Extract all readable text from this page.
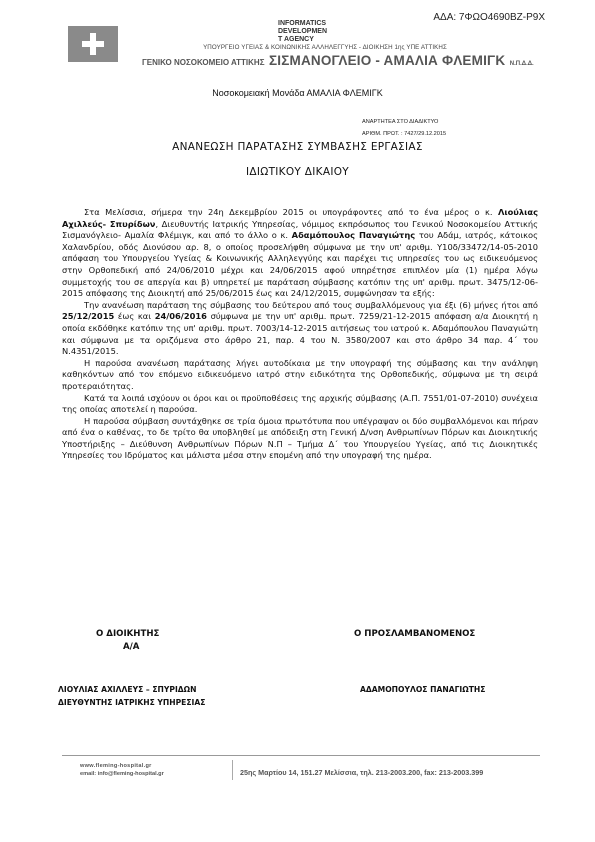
ΑΔΑ: 7ΦΩΟ4690ΒΖ-Ρ9Χ
INFORMATICS
DEVELOPMEN
T AGENCY
ΥΠΟΥΡΓΕΙΟ ΥΓΕΙΑΣ & ΚΟΙΝΩΝΙΚΗΣ ΑΛΛΗΛΕΓΓΥΗΣ - ΔΙΟΙΚΗΣΗ 1ης ΥΠΕ ΑΤΤΙΚΗΣ
ΓΕΝΙΚΟ ΝΟΣΟΚΟΜΕΙΟ ΑΤΤΙΚΗΣ ΣΙΣΜΑΝΟΓΛΕΙΟ - ΑΜΑΛΙΑ ΦΛΕΜΙΓΚ Ν.Π.Δ.Δ.
Νοσοκομειακή Μονάδα ΑΜΑΛΙΑ ΦΛΕΜΙΓΚ
ΑΝΑΡΤΗΤΕΑ ΣΤΟ ΔΙΑΔΙΚΤΥΟ
ΑΡΙΘΜ. ΠΡΩΤ. : 7427/29.12.2015
ΑΝΑΝΕΩΣΗ ΠΑΡΑΤΑΣΗΣ ΣΥΜΒΑΣΗΣ ΕΡΓΑΣΙΑΣ
ΙΔΙΩΤΙΚΟΥ ΔΙΚΑΙΟΥ

Στα Μελίσσια, σήμερα την 24η Δεκεμβρίου 2015 οι υπογράφοντες από το ένα μέρος ο κ. Λιούλιας Αχιλλεύς- Σπυρίδων, Διευθυντής Ιατρικής Υπηρεσίας, νόμιμος εκπρόσωπος του Γενικού Νοσοκομείου Αττικής Σισμανόγλειο- Αμαλία Φλέμιγκ, και από το άλλο ο κ. Αδαμόπουλος Παναγιώτης του Αδάμ, ιατρός, κάτοικος Χαλανδρίου, οδός Διονύσου αρ. 8, ο οποίος προσελήφθη σύμφωνα με την υπ' αριθμ. Υ10δ/33472/14-05-2010 απόφαση του Υπουργείου Υγείας & Κοινωνικής Αλληλεγγύης και παρέχει τις υπηρεσίες του ως ειδικευόμενος στην Ορθοπεδική από 24/06/2010 μέχρι και 24/06/2015 αφού υπηρέτησε επιπλέον μία (1) ημέρα λόγω συμμετοχής του σε απεργία και β) υπηρετεί με παράταση σύμβασης κατόπιν της υπ' αριθμ. πρωτ. 3475/12-06-2015 απόφασης της Διοικητή από 25/06/2015 έως και 24/12/2015, συμφώνησαν τα εξής:

Την ανανέωση παράταση της σύμβασης του δεύτερου από τους συμβαλλόμενους για έξι (6) μήνες ήτοι από 25/12/2015 έως και 24/06/2016 σύμφωνα με την υπ' αριθμ. πρωτ. 7259/21-12-2015 απόφαση α/α Διοικητή η οποία εκδόθηκε κατόπιν της υπ' αριθμ. πρωτ. 7003/14-12-2015 αιτήσεως του ιατρού κ. Αδαμόπουλου Παναγιώτη και σύμφωνα με τα οριζόμενα στο άρθρο 21, παρ. 4 του Ν. 3580/2007 και στο άρθρο 34 παρ. 4΄ του Ν.4351/2015.

Η παρούσα ανανέωση παράτασης λήγει αυτοδίκαια με την υπογραφή της σύμβασης και την ανάληψη καθηκόντων από τον επόμενο ειδικευόμενο ιατρό στην ειδικότητα της Ορθοπεδικής, σύμφωνα με τη σειρά προτεραιότητας.

Κατά τα λοιπά ισχύουν οι όροι και οι προϋποθέσεις της αρχικής σύμβασης (Α.Π. 7551/01-07-2010) συνέχεια της οποίας αποτελεί η παρούσα.

Η παρούσα σύμβαση συντάχθηκε σε τρία όμοια πρωτότυπα που υπέγραψαν οι δύο συμβαλλόμενοι και πήραν από ένα ο καθένας, το δε τρίτο θα υποβληθεί με απόδειξη στη Γενική Δ/νση Ανθρωπίνων Πόρων και Διοικητικής Υποστήριξης – Διεύθυνση Ανθρωπίνων Πόρων Ν.Π – Τμήμα Δ΄ του Υπουργείου Υγείας, από τις Διοικητικές Υπηρεσίες του Ιδρύματος και μάλιστα μέσα στην επομένη από την υπογραφή της ημέρα.

Ο ΔΙΟΙΚΗΤΗΣ
Α/Α
Ο ΠΡΟΣΛΑΜΒΑΝΟΜΕΝΟΣ
ΛΙΟΥΛΙΑΣ ΑΧΙΛΛΕΥΣ – ΣΠΥΡΙΔΩΝ
ΔΙΕΥΘΥΝΤΗΣ ΙΑΤΡΙΚΗΣ ΥΠΗΡΕΣΙΑΣ
ΑΔΑΜΟΠΟΥΛΟΣ ΠΑΝΑΓΙΩΤΗΣ
www.fleming-hospital.gr
email: info@fleming-hospital.gr	25ης Μαρτίου 14, 151.27 Μελίσσια, τηλ. 213-2003.200, fax: 213-2003.399
